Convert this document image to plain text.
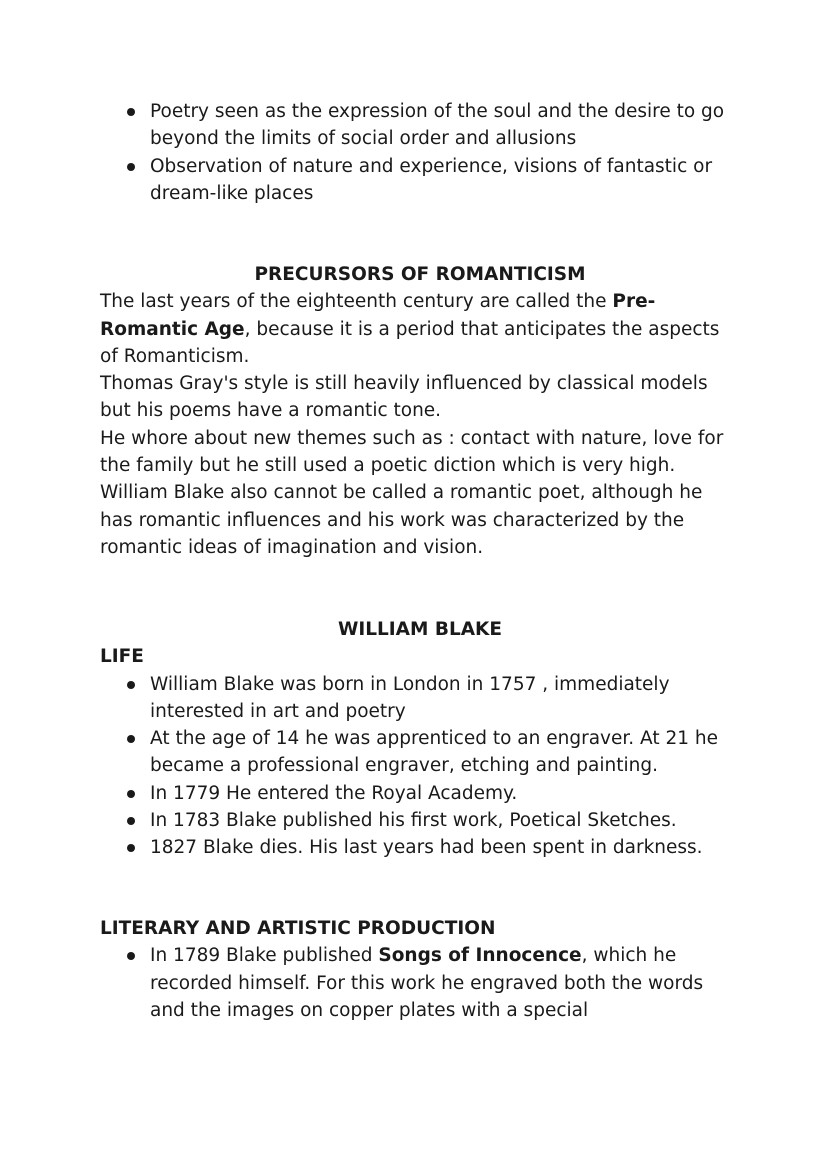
Poetry seen as the expression of the soul and the desire to go beyond the limits of social order and allusions
Observation of nature and experience, visions of fantastic or dream-like places

PRECURSORS OF ROMANTICISM

The last years of the eighteenth century are called the Pre-Romantic Age, because it is a period that anticipates the aspects of Romanticism.

Thomas Gray's style is still heavily influenced by classical models but his poems have a romantic tone.

He whore about new themes such as : contact with nature, love for the family but he still used a poetic diction which is very high.

William Blake also cannot be called a romantic poet, although he has romantic influences and his work was characterized by the romantic ideas of imagination and vision.

WILLIAM BLAKE

LIFE

William Blake was born in London in 1757 , immediately interested in art and poetry
At the age of 14 he was apprenticed to an engraver. At 21 he became a professional engraver, etching and painting.
In 1779 He entered the Royal Academy.
In 1783 Blake published his first work, Poetical Sketches.
1827 Blake dies. His last years had been spent in darkness.

LITERARY AND ARTISTIC PRODUCTION

In 1789 Blake published Songs of Innocence, which he recorded himself. For this work he engraved both the words and the images on copper plates with a special
